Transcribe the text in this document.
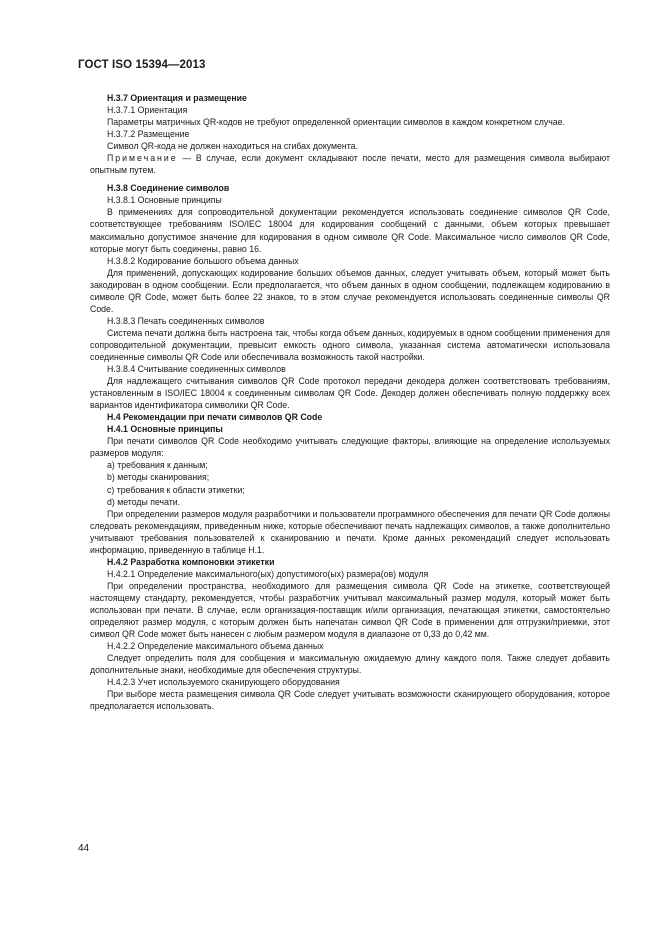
ГОСТ ISO 15394—2013

Н.3.7 Ориентация и размещение

Н.3.7.1 Ориентация

Параметры матричных QR-кодов не требуют определенной ориентации символов в каждом конкретном случае.

Н.3.7.2 Размещение

Символ QR-кода не должен находиться на сгибах документа.

Примечание — В случае, если документ складывают после печати, место для размещения символа выбирают опытным путем.

Н.3.8 Соединение символов

Н.3.8.1 Основные принципы

В применениях для сопроводительной документации рекомендуется использовать соединение символов QR Code, соответствующее требованиям ISO/IEC 18004 для кодирования сообщений с данными, объем которых превышает максимально допустимое значение для кодирования в одном символе QR Code. Максимальное число символов QR Code, которые могут быть соединены, равно 16.

Н.3.8.2 Кодирование большого объема данных

Для применений, допускающих кодирование больших объемов данных, следует учитывать объем, который может быть закодирован в одном сообщении. Если предполагается, что объем данных в одном сообщении, подлежащем кодированию в символе QR Code, может быть более 22 знаков, то в этом случае рекомендуется использовать соединенные символы QR Code.

Н.3.8.3 Печать соединенных символов

Система печати должна быть настроена так, чтобы когда объем данных, кодируемых в одном сообщении применения для сопроводительной документации, превысит емкость одного символа, указанная система автоматически использовала соединенные символы QR Code или обеспечивала возможность такой настройки.

Н.3.8.4 Считывание соединенных символов

Для надлежащего считывания символов QR Code протокол передачи декодера должен соответствовать требованиям, установленным в ISO/IEC 18004 к соединенным символам QR Code. Декодер должен обеспечивать полную поддержку всех вариантов идентификатора символики QR Code.

Н.4 Рекомендации при печати символов QR Code

Н.4.1 Основные принципы

При печати символов QR Code необходимо учитывать следующие факторы, влияющие на определение используемых размеров модуля:

a) требования к данным;

b) методы сканирования;

c) требования к области этикетки;

d) методы печати.

При определении размеров модуля разработчики и пользователи программного обеспечения для печати QR Code должны следовать рекомендациям, приведенным ниже, которые обеспечивают печать надлежащих символов, а также дополнительно учитывают требования пользователей к сканированию и печати. Кроме данных рекомендаций следует использовать информацию, приведенную в таблице Н.1.

Н.4.2 Разработка компоновки этикетки

Н.4.2.1 Определение максимального(ых) допустимого(ых) размера(ов) модуля

При определении пространства, необходимого для размещения символа QR Code на этикетке, соответствующей настоящему стандарту, рекомендуется, чтобы разработчик учитывал максимальный размер модуля, который может быть использован при печати. В случае, если организация-поставщик и/или организация, печатающая этикетки, самостоятельно определяют размер модуля, с которым должен быть напечатан символ QR Code в применении для отгрузки/приемки, этот символ QR Code может быть нанесен с любым размером модуля в диапазоне от 0,33 до 0,42 мм.

Н.4.2.2 Определение максимального объема данных

Следует определить поля для сообщения и максимальную ожидаемую длину каждого поля. Также следует добавить дополнительные знаки, необходимые для обеспечения структуры.

Н.4.2.3 Учет используемого сканирующего оборудования

При выборе места размещения символа QR Code следует учитывать возможности сканирующего оборудования, которое предполагается использовать.

44
